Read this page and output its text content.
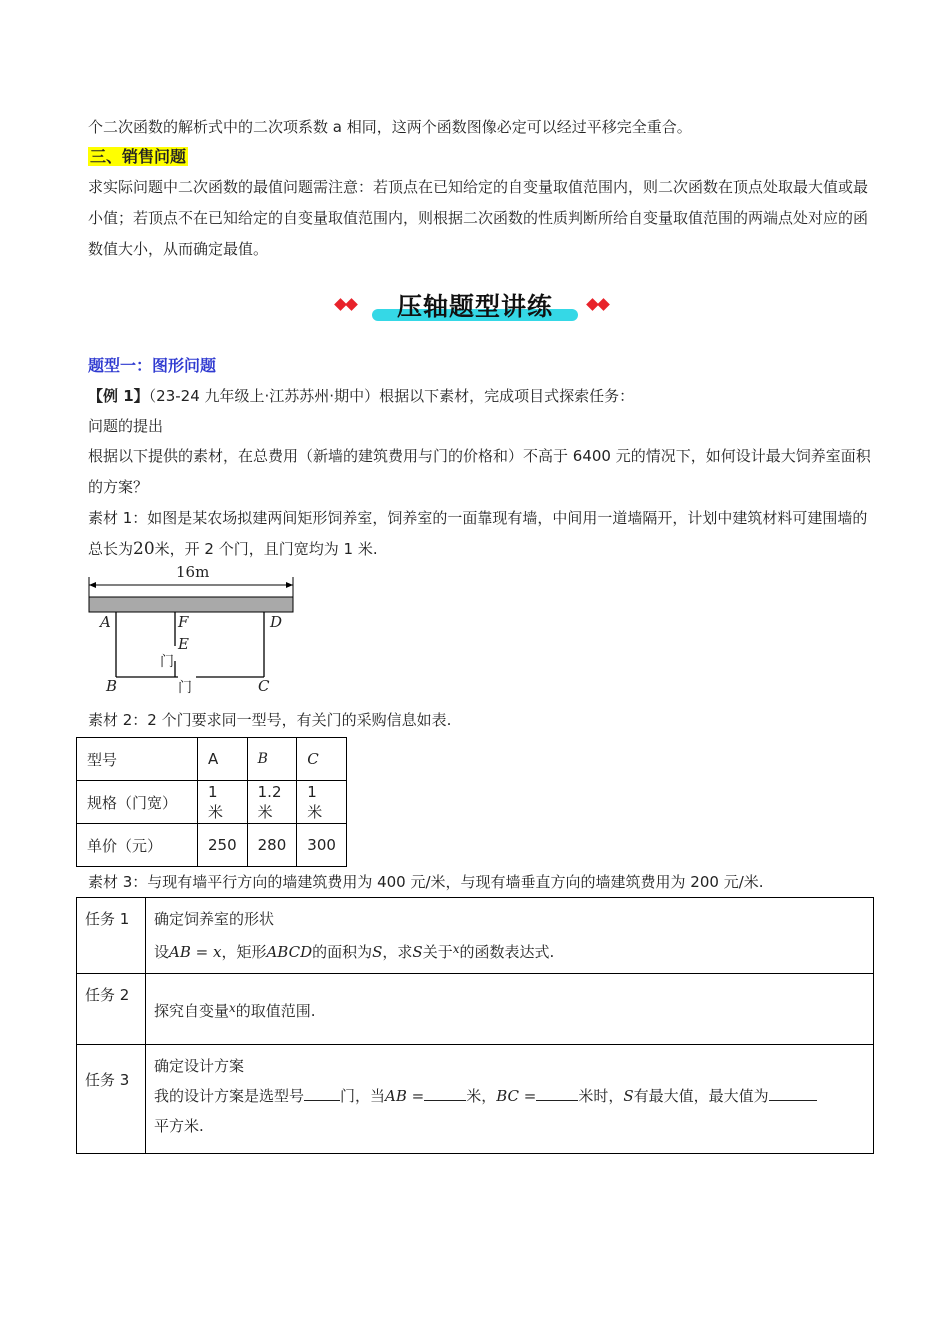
个二次函数的解析式中的二次项系数 a 相同，这两个函数图像必定可以经过平移完全重合。
三、销售问题

求实际问题中二次函数的最值问题需注意：若顶点在已知给定的自变量取值范围内，则二次函数在顶点处取最大值或最小值；若顶点不在已知给定的自变量取值范围内，则根据二次函数的性质判断所给自变量取值范围的两端点处对应的函数值大小，从而确定最值。

压轴题型讲练
题型一：图形问题
【例 1】（23-24 九年级上·江苏苏州·期中）根据以下素材，完成项目式探索任务：
问题的提出

根据以下提供的素材，在总费用（新墙的建筑费用与门的价格和）不高于 6400 元的情况下，如何设计最大饲养室面积的方案？

素材 1：如图是某农场拟建两间矩形饲养室，饲养室的一面靠现有墙，中间用一道墙隔开，计划中建筑材料可建围墙的总长为20米，开 2 个门，且门宽均为 1 米.

16m
A	F	D
E
门
B	门	C
素材 2：2 个门要求同一型号，有关门的采购信息如表.
型号	A	B	C
规格（门宽）	1 米	1.2 米	1 米
单价（元）	250	280	300
素材 3：与现有墙平行方向的墙建筑费用为 400 元/米，与现有墙垂直方向的墙建筑费用为 200 元/米.
任务 1	确定饲养室的形状
设AB = x，矩形ABCD的面积为S，求S关于$^x$的函数表达式.

任务 2	探究自变量$^x$的取值范围.
任务 3	确定设计方案
我的设计方案是选型号 门，当AB = 米，BC = 米时，S有最大值，最大值为
平方米.
